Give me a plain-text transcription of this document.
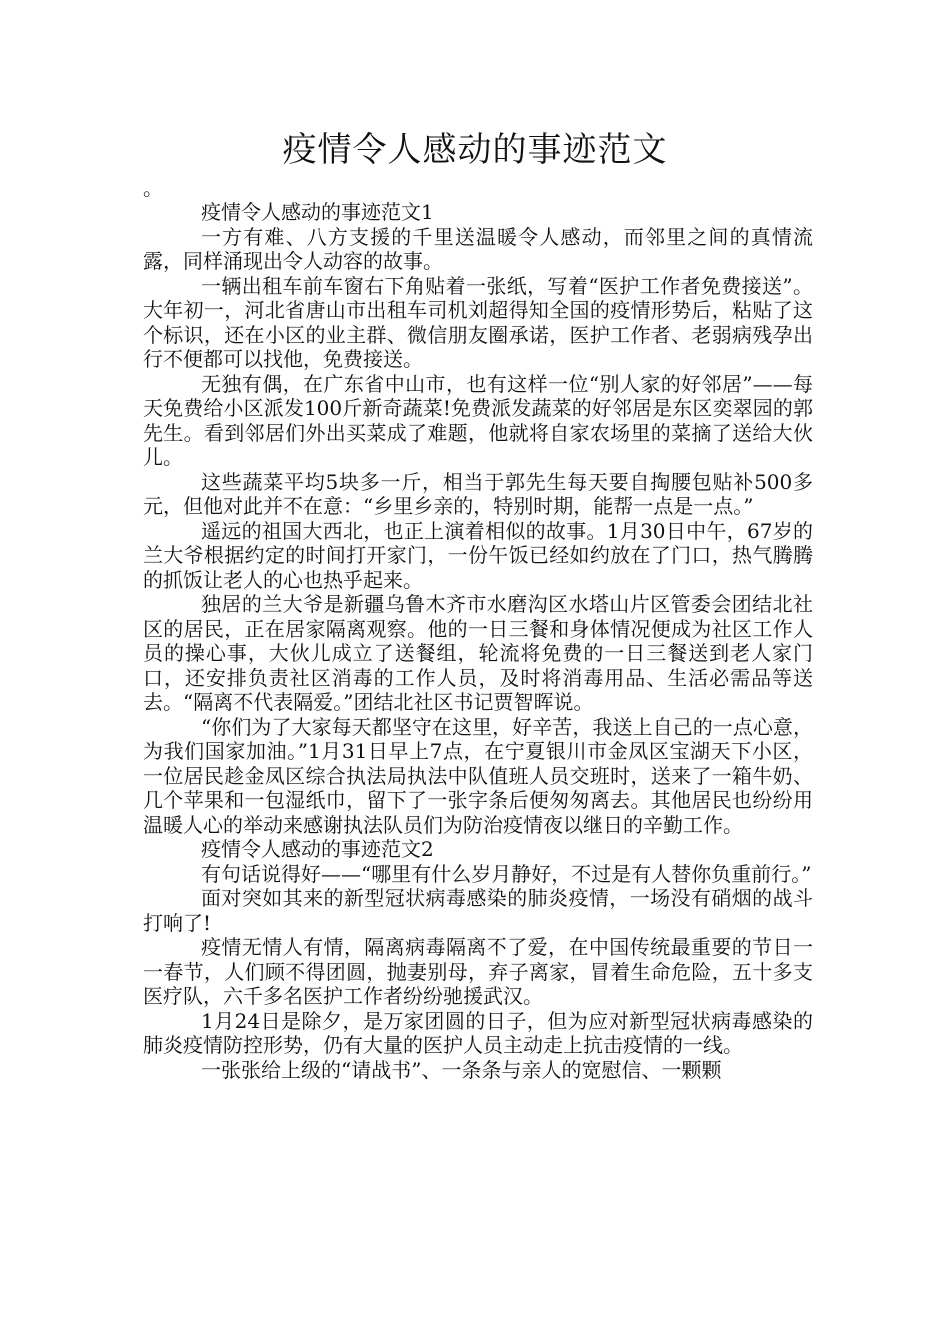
疫情令人感动的事迹范文
。

疫情令人感动的事迹范文1

一方有难、八方支援的千里送温暖令人感动，而邻里之间的真情流露，同样涌现出令人动容的故事。

一辆出租车前车窗右下角贴着一张纸，写着“医护工作者免费接送”。大年初一，河北省唐山市出租车司机刘超得知全国的疫情形势后，粘贴了这个标识，还在小区的业主群、微信朋友圈承诺，医护工作者、老弱病残孕出行不便都可以找他，免费接送。

无独有偶，在广东省中山市，也有这样一位“别人家的好邻居”——每天免费给小区派发100斤新奇蔬菜!免费派发蔬菜的好邻居是东区奕翠园的郭先生。看到邻居们外出买菜成了难题，他就将自家农场里的菜摘了送给大伙儿。

这些蔬菜平均5块多一斤，相当于郭先生每天要自掏腰包贴补500多元，但他对此并不在意：“乡里乡亲的，特别时期，能帮一点是一点。”

遥远的祖国大西北，也正上演着相似的故事。1月30日中午，67岁的兰大爷根据约定的时间打开家门，一份午饭已经如约放在了门口，热气腾腾的抓饭让老人的心也热乎起来。

独居的兰大爷是新疆乌鲁木齐市水磨沟区水塔山片区管委会团结北社区的居民，正在居家隔离观察。他的一日三餐和身体情况便成为社区工作人员的操心事，大伙儿成立了送餐组，轮流将免费的一日三餐送到老人家门口，还安排负责社区消毒的工作人员，及时将消毒用品、生活必需品等送去。“隔离不代表隔爱。”团结北社区书记贾智晖说。

“你们为了大家每天都坚守在这里，好辛苦，我送上自己的一点心意，为我们国家加油。”1月31日早上7点，在宁夏银川市金凤区宝湖天下小区，一位居民趁金凤区综合执法局执法中队值班人员交班时，送来了一箱牛奶、几个苹果和一包湿纸巾，留下了一张字条后便匆匆离去。其他居民也纷纷用温暖人心的举动来感谢执法队员们为防治疫情夜以继日的辛勤工作。

疫情令人感动的事迹范文2

有句话说得好——“哪里有什么岁月静好，不过是有人替你负重前行。”

面对突如其来的新型冠状病毒感染的肺炎疫情，一场没有硝烟的战斗打响了!

疫情无情人有情，隔离病毒隔离不了爱，在中国传统最重要的节日一一春节，人们顾不得团圆，抛妻别母，弃子离家，冒着生命危险，五十多支医疗队，六千多名医护工作者纷纷驰援武汉。

1月24日是除夕，是万家团圆的日子，但为应对新型冠状病毒感染的肺炎疫情防控形势，仍有大量的医护人员主动走上抗击疫情的一线。

一张张给上级的“请战书”、一条条与亲人的宽慰信、一颗颗
